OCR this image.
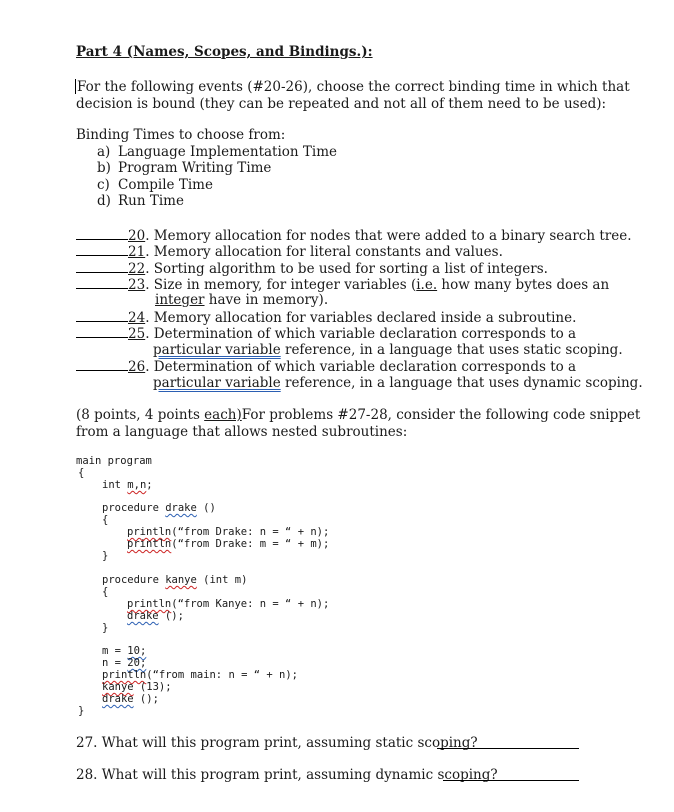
Part 4 (Names, Scopes, and Bindings.):
For the following events (#20-26), choose the correct binding time in which that
decision is bound (they can be repeated and not all of them need to be used):
Binding Times to choose from:
a) Language Implementation Time
b) Program Writing Time
c) Compile Time
d) Run Time
20. Memory allocation for nodes that were added to a binary search tree.
21. Memory allocation for literal constants and values.
22. Sorting algorithm to be used for sorting a list of integers.
23. Size in memory, for integer variables (i.e. how many bytes does an
integer have in memory).
24. Memory allocation for variables declared inside a subroutine.
25. Determination of which variable declaration corresponds to a
particular variable reference, in a language that uses static scoping.
26. Determination of which variable declaration corresponds to a
particular variable reference, in a language that uses dynamic scoping.
(8 points, 4 points each)For problems #27-28, consider the following code snippet
from a language that allows nested subroutines:
main program
{
int m,n;
procedure drake ()
{
println(“from Drake: n = “ + n);
println(“from Drake: m = “ + m);
}
procedure kanye (int m)
{
println(“from Kanye: n = “ + n);
drake ();
}
m = 10;
n = 20;
println(“from main: n = “ + n);
kanye (13);
drake ();
}
27. What will this program print, assuming static scoping?
28. What will this program print, assuming dynamic scoping?
